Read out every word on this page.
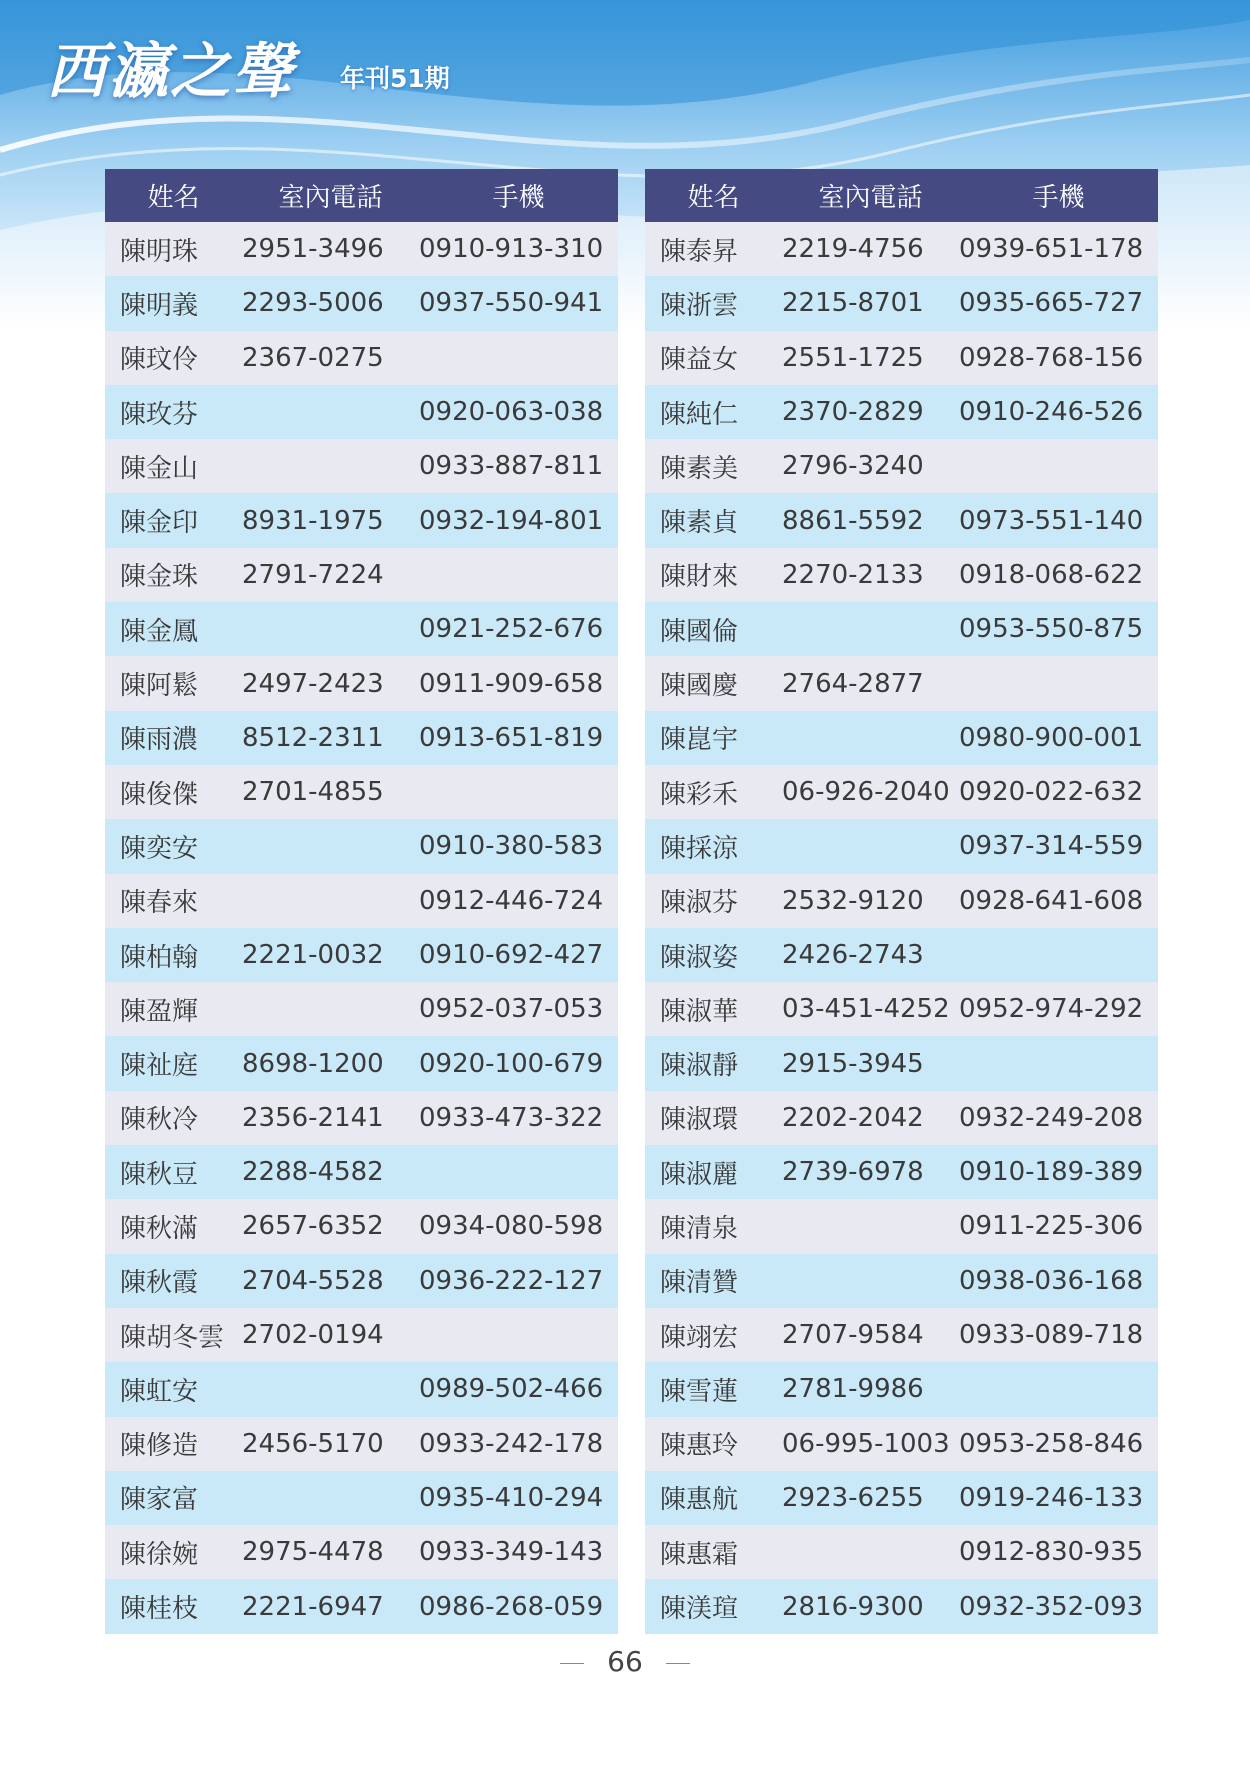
西瀛之聲 年刊51期
姓名	室內電話	手機
陳明珠	2951-3496	0910-913-310
陳明義	2293-5006	0937-550-941
陳玟伶	2367-0275	
陳玫芬		0920-063-038
陳金山		0933-887-811
陳金印	8931-1975	0932-194-801
陳金珠	2791-7224	
陳金鳳		0921-252-676
陳阿鬆	2497-2423	0911-909-658
陳雨濃	8512-2311	0913-651-819
陳俊傑	2701-4855	
陳奕安		0910-380-583
陳春來		0912-446-724
陳柏翰	2221-0032	0910-692-427
陳盈輝		0952-037-053
陳祉庭	8698-1200	0920-100-679
陳秋冷	2356-2141	0933-473-322
陳秋豆	2288-4582	
陳秋滿	2657-6352	0934-080-598
陳秋霞	2704-5528	0936-222-127
陳胡冬雲	2702-0194	
陳虹安		0989-502-466
陳修造	2456-5170	0933-242-178
陳家富		0935-410-294
陳徐婉	2975-4478	0933-349-143
陳桂枝	2221-6947	0986-268-059
姓名	室內電話	手機
陳泰昇	2219-4756	0939-651-178
陳浙雲	2215-8701	0935-665-727
陳益女	2551-1725	0928-768-156
陳純仁	2370-2829	0910-246-526
陳素美	2796-3240	
陳素貞	8861-5592	0973-551-140
陳財來	2270-2133	0918-068-622
陳國倫		0953-550-875
陳國慶	2764-2877	
陳崑宇		0980-900-001
陳彩禾	06-926-2040	0920-022-632
陳採涼		0937-314-559
陳淑芬	2532-9120	0928-641-608
陳淑姿	2426-2743	
陳淑華	03-451-4252	0952-974-292
陳淑靜	2915-3945	
陳淑環	2202-2042	0932-249-208
陳淑麗	2739-6978	0910-189-389
陳清泉		0911-225-306
陳清贊		0938-036-168
陳翊宏	2707-9584	0933-089-718
陳雪蓮	2781-9986	
陳惠玲	06-995-1003	0953-258-846
陳惠航	2923-6255	0919-246-133
陳惠霜		0912-830-935
陳渼瑄	2816-9300	0932-352-093
66
